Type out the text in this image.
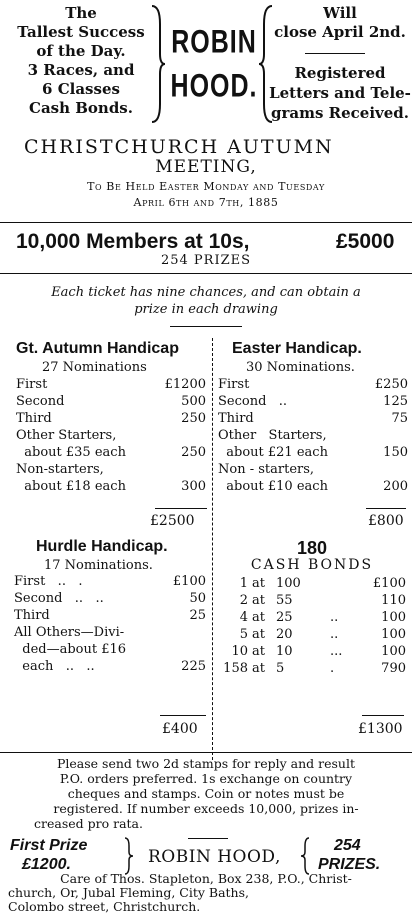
The
Tallest Success
of the Day.
3 Races, and
6 Classes
Cash Bonds.
ROBIN
HOOD.
Will
close April 2nd.
Registered
Letters and Tele-
grams Received.
CHRISTCHURCH AUTUMN
MEETING,
To Be Held Easter Monday and Tuesday
April 6th and 7th, 1885
10,000 Members at 10s,	£5000
254 PRIZES
Each ticket has nine chances, and can obtain a
prize in each drawing
Gt. Autumn Handicap
27 Nominations
First	£1200
Second	500
Third	250
Other Starters,
about £35 each	250
Non-starters,
about £18 each	300
£2500
Easter Handicap.
30 Nominations.
First	£250
Second   ..	125
Third	75
Other   Starters,
about £21 each	150
Non - starters,
about £10 each	200
£800
Hurdle Handicap.
17 Nominations.
First   ..   .	£100
Second   ..   ..	50
Third	25
All Others—Divi-
ded—about £16
each   ..   ..	225
£400
180
CASH BONDS
1 at 100	£100
2 at 55	110
4 at 25	..	100
5 at 20	..	100
10 at 10	...	100
158 at 5	.	790
£1300
Please send two 2d stamps for reply and result
P.O. orders preferred. 1s exchange on country
cheques and stamps. Coin or notes must be
registered. If number exceeds 10,000, prizes in-
creased pro rata.
First Prize
£1200.	ROBIN HOOD,
254
PRIZES.
Care of Thos. Stapleton, Box 238, P.O., Christ-
church, Or, Jubal Fleming, City Baths,
Colombo street, Christchurch.
